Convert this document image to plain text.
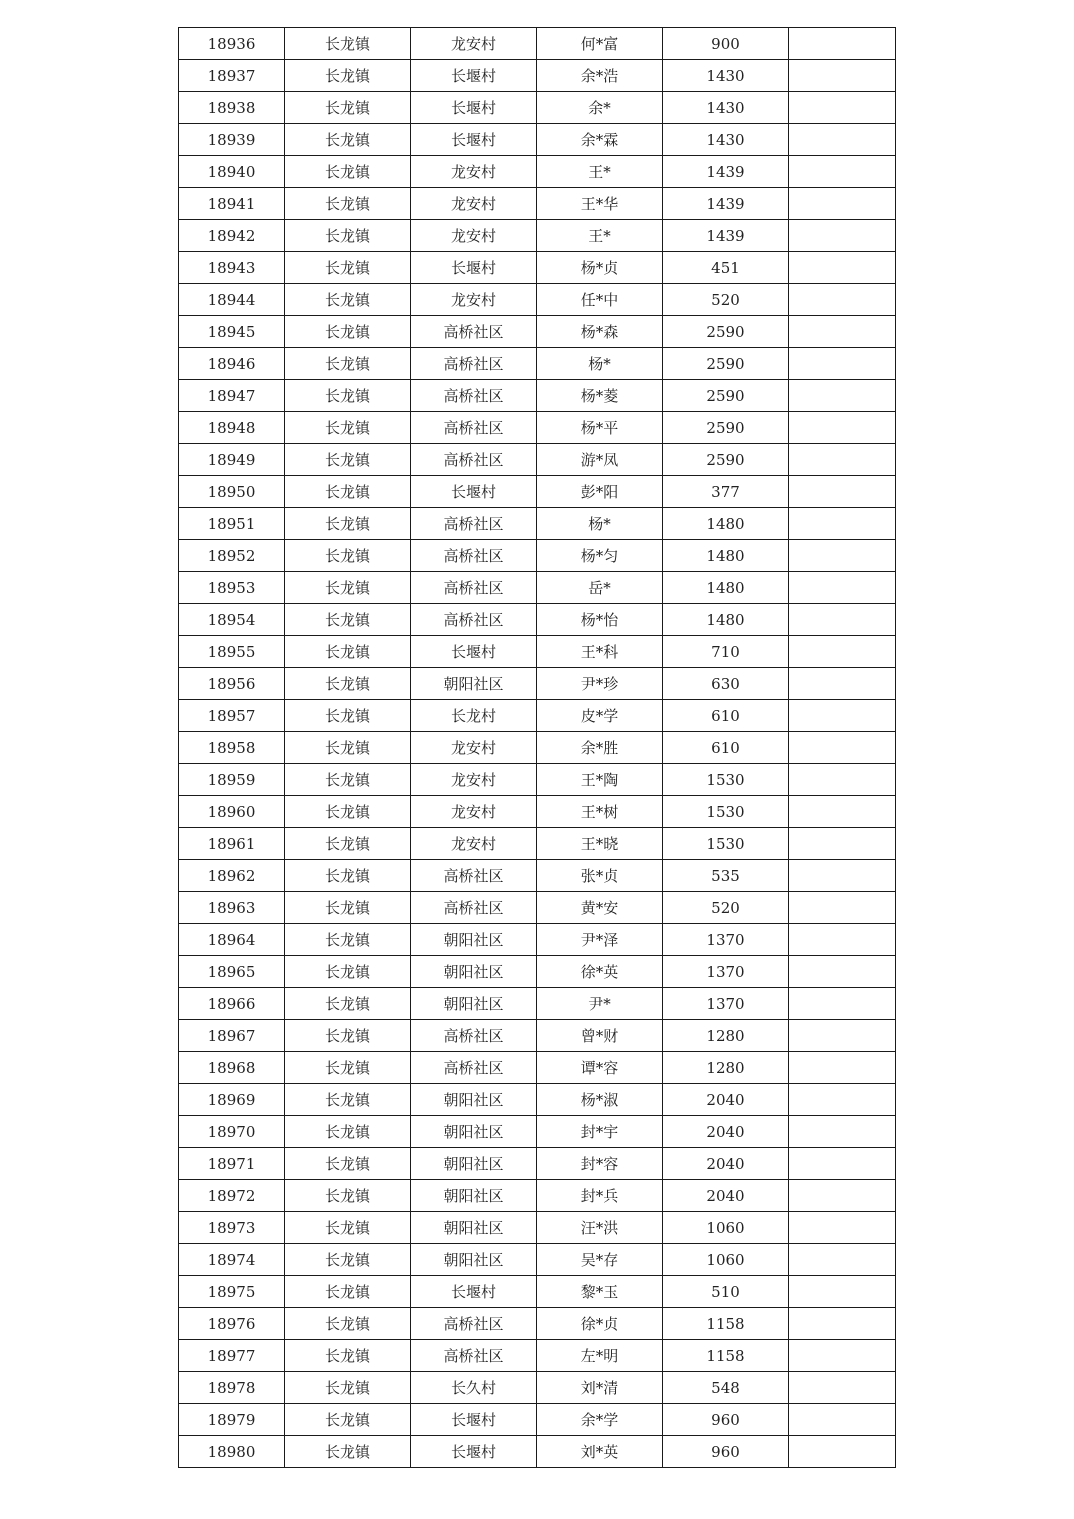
18936	长龙镇	龙安村	何*富	900	
18937	长龙镇	长堰村	余*浩	1430	
18938	长龙镇	长堰村	余*	1430	
18939	长龙镇	长堰村	余*霖	1430	
18940	长龙镇	龙安村	王*	1439	
18941	长龙镇	龙安村	王*华	1439	
18942	长龙镇	龙安村	王*	1439	
18943	长龙镇	长堰村	杨*贞	451	
18944	长龙镇	龙安村	任*中	520	
18945	长龙镇	高桥社区	杨*森	2590	
18946	长龙镇	高桥社区	杨*	2590	
18947	长龙镇	高桥社区	杨*菱	2590	
18948	长龙镇	高桥社区	杨*平	2590	
18949	长龙镇	高桥社区	游*凤	2590	
18950	长龙镇	长堰村	彭*阳	377	
18951	长龙镇	高桥社区	杨*	1480	
18952	长龙镇	高桥社区	杨*匀	1480	
18953	长龙镇	高桥社区	岳*	1480	
18954	长龙镇	高桥社区	杨*怡	1480	
18955	长龙镇	长堰村	王*科	710	
18956	长龙镇	朝阳社区	尹*珍	630	
18957	长龙镇	长龙村	皮*学	610	
18958	长龙镇	龙安村	余*胜	610	
18959	长龙镇	龙安村	王*陶	1530	
18960	长龙镇	龙安村	王*树	1530	
18961	长龙镇	龙安村	王*晓	1530	
18962	长龙镇	高桥社区	张*贞	535	
18963	长龙镇	高桥社区	黄*安	520	
18964	长龙镇	朝阳社区	尹*泽	1370	
18965	长龙镇	朝阳社区	徐*英	1370	
18966	长龙镇	朝阳社区	尹*	1370	
18967	长龙镇	高桥社区	曾*财	1280	
18968	长龙镇	高桥社区	谭*容	1280	
18969	长龙镇	朝阳社区	杨*淑	2040	
18970	长龙镇	朝阳社区	封*宇	2040	
18971	长龙镇	朝阳社区	封*容	2040	
18972	长龙镇	朝阳社区	封*兵	2040	
18973	长龙镇	朝阳社区	汪*洪	1060	
18974	长龙镇	朝阳社区	吴*存	1060	
18975	长龙镇	长堰村	黎*玉	510	
18976	长龙镇	高桥社区	徐*贞	1158	
18977	长龙镇	高桥社区	左*明	1158	
18978	长龙镇	长久村	刘*清	548	
18979	长龙镇	长堰村	余*学	960	
18980	长龙镇	长堰村	刘*英	960	
